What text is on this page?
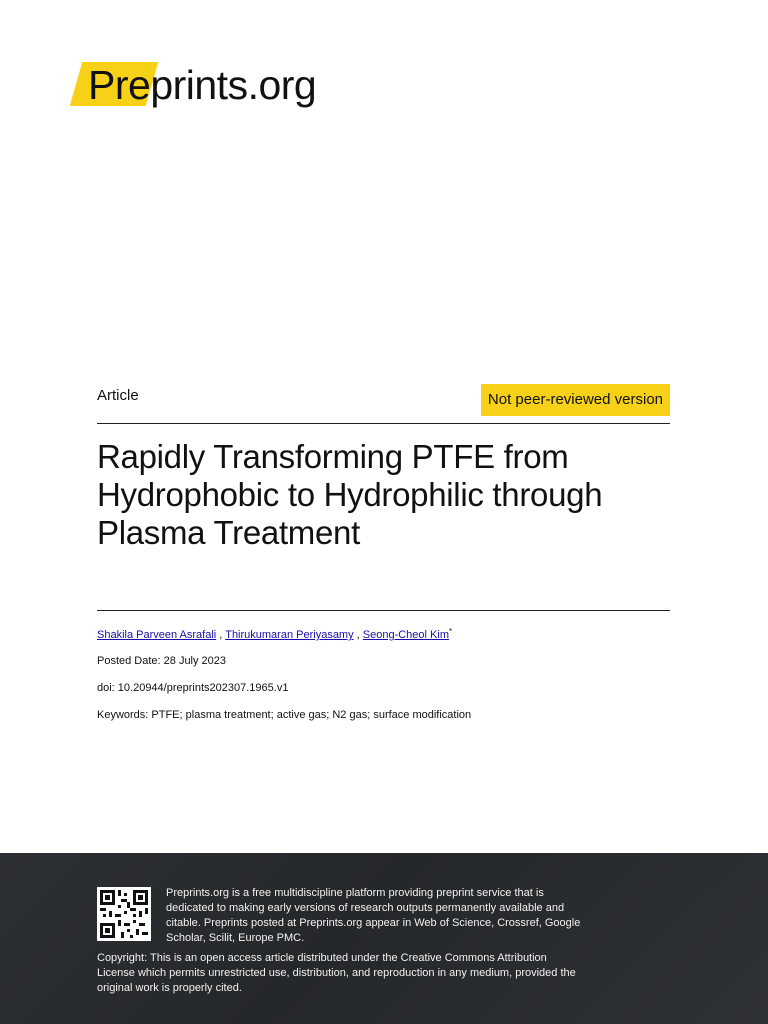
Preprints.org
Article	Not peer-reviewed version
Rapidly Transforming PTFE from Hydrophobic to Hydrophilic through Plasma Treatment
Shakila Parveen Asrafali , Thirukumaran Periyasamy , Seong-Cheol Kim*
Posted Date: 28 July 2023
doi: 10.20944/preprints202307.1965.v1
Keywords: PTFE; plasma treatment; active gas; N2 gas; surface modification

Preprints.org is a free multidiscipline platform providing preprint service that is dedicated to making early versions of research outputs permanently available and citable. Preprints posted at Preprints.org appear in Web of Science, Crossref, Google Scholar, Scilit, Europe PMC.

Copyright: This is an open access article distributed under the Creative Commons Attribution License which permits unrestricted use, distribution, and reproduction in any medium, provided the original work is properly cited.
